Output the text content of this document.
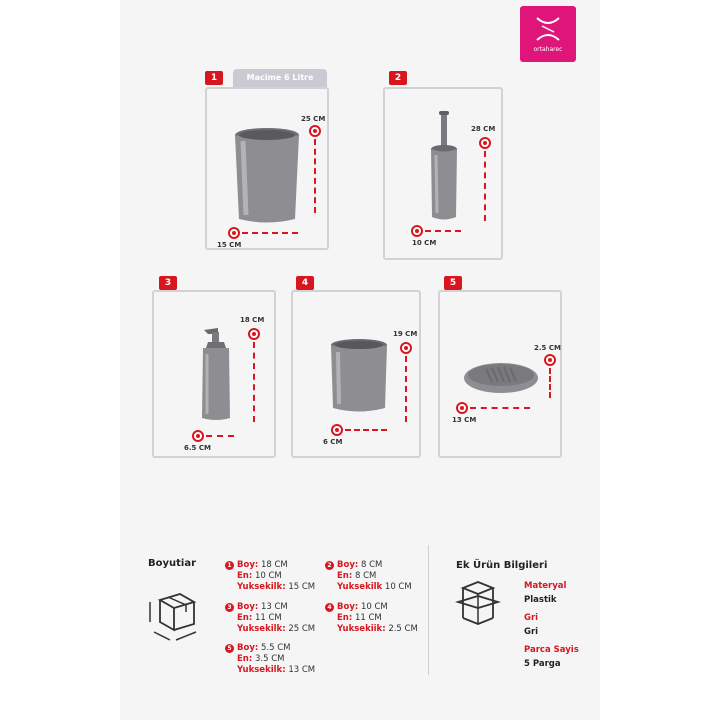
ortaharec
Macime 6 Litre
1
25 CM
15 CM
2
28 CM
10 CM
3
18 CM
6.5 CM
4
19 CM
6 CM
5
2.5 CM
13 CM
Boyutiar	1 Boy: 18 CM
En: 10 CM
Yuksekilk: 15 CM
2 Boy: 8 CM
En: 8 CM
Yuksekilk 10 CM
3 Boy: 13 CM
En: 11 CM
Yuksekilk: 25 CM
4 Boy: 10 CM
En: 11 CM
Yuksekiik: 2.5 CM
5 Boy: 5.5 CM
En: 3.5 CM
Yuksekilk: 13 CM
Ek Ürün Bilgileri
Materyal
Plastik
Gri
Gri
Parca Sayis
5 Parga
